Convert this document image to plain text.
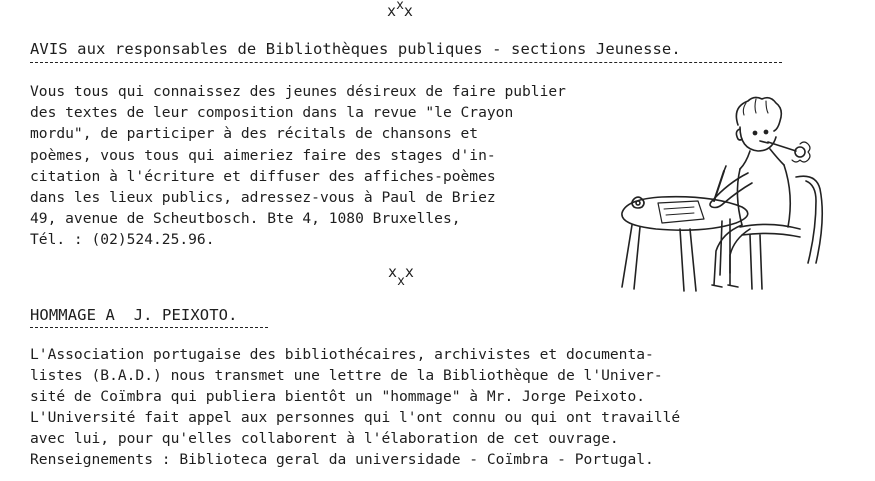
xxx
AVIS aux responsables de Bibliothèques publiques - sections Jeunesse.
Vous tous qui connaissez des jeunes désireux de faire publier
des textes de leur composition dans la revue "le Crayon
mordu", de participer à des récitals de chansons et
poèmes, vous tous qui aimeriez faire des stages d'in-
citation à l'écriture et diffuser des affiches-poèmes
dans les lieux publics, adressez-vous à Paul de Briez
49, avenue de Scheutbosch. Bte 4, 1080 Bruxelles,
Tél. : (02)524.25.96.
xxx
HOMMAGE A  J. PEIXOTO.
L'Association portugaise des bibliothécaires, archivistes et documenta-
listes (B.A.D.) nous transmet une lettre de la Bibliothèque de l'Univer-
sité de Coïmbra qui publiera bientôt un "hommage" à Mr. Jorge Peixoto.
L'Université fait appel aux personnes qui l'ont connu ou qui ont travaillé
avec lui, pour qu'elles collaborent à l'élaboration de cet ouvrage.
Renseignements : Biblioteca geral da universidade - Coïmbra - Portugal.
